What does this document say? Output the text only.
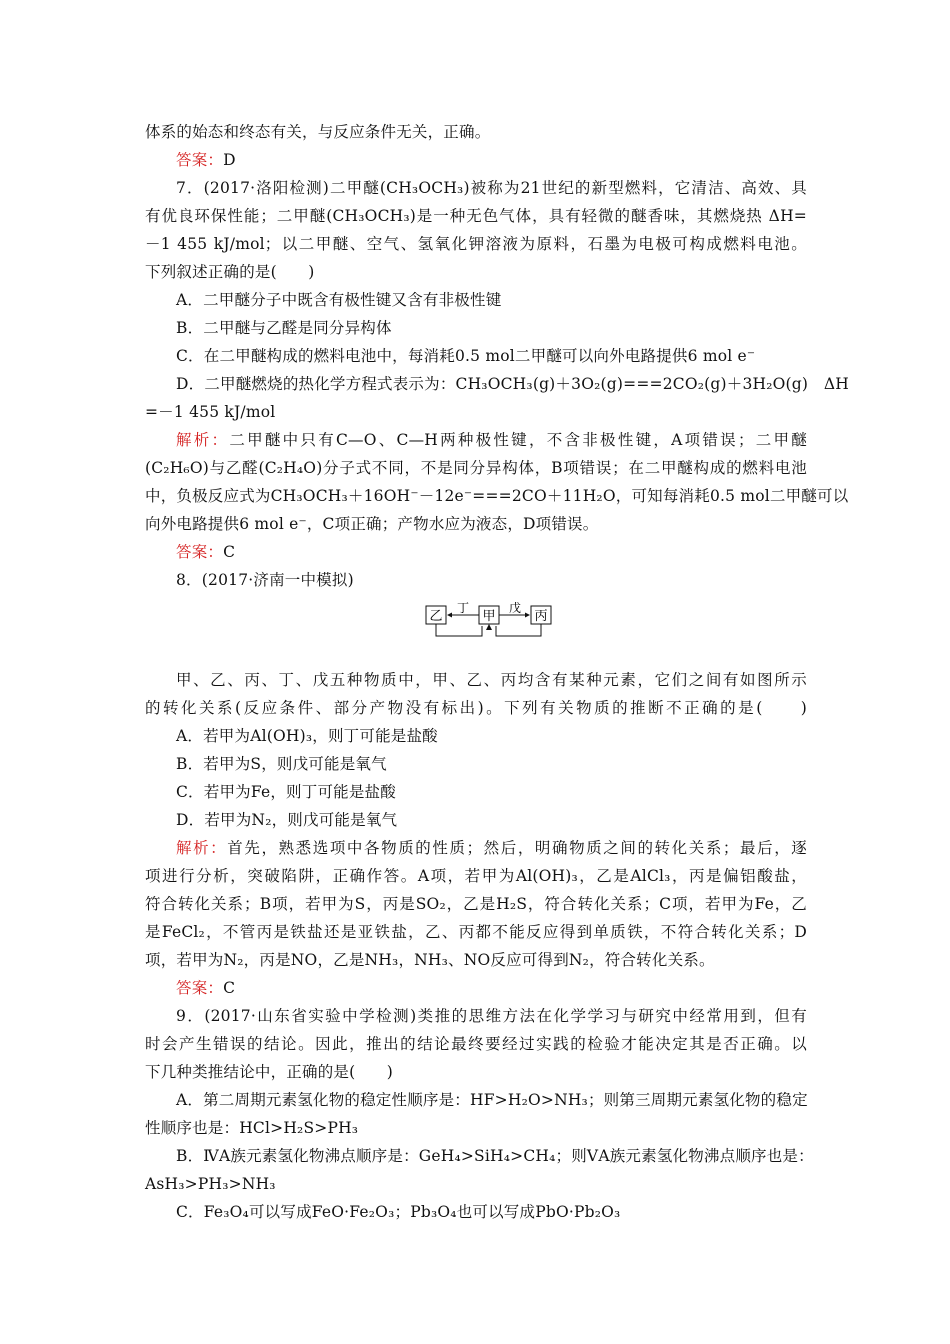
体系的始态和终态有关，与反应条件无关，正确。
答案：D
7．(2017·洛阳检测)二甲醚(CH₃OCH₃)被称为21世纪的新型燃料，它清洁、高效、具
有优良环保性能；二甲醚(CH₃OCH₃)是一种无色气体，具有轻微的醚香味，其燃烧热 ΔH=
－1 455 kJ/mol；以二甲醚、空气、氢氧化钾溶液为原料，石墨为电极可构成燃料电池。
下列叙述正确的是(　　)
A．二甲醚分子中既含有极性键又含有非极性键
B．二甲醚与乙醛是同分异构体
C．在二甲醚构成的燃料电池中，每消耗0.5 mol二甲醚可以向外电路提供6 mol e⁻
D．二甲醚燃烧的热化学方程式表示为：CH₃OCH₃(g)＋3O₂(g)===2CO₂(g)＋3H₂O(g)　ΔH
=－1 455 kJ/mol
解析：二甲醚中只有C—O、C—H两种极性键，不含非极性键，A项错误；二甲醚
(C₂H₆O)与乙醛(C₂H₄O)分子式不同，不是同分异构体，B项错误；在二甲醚构成的燃料电池
中，负极反应式为CH₃OCH₃＋16OH⁻－12e⁻===2CO＋11H₂O，可知每消耗0.5 mol二甲醚可以
向外电路提供6 mol e⁻，C项正确；产物水应为液态，D项错误。
答案：C
8．(2017·济南一中模拟)
乙	甲	丙
丁	戊
甲、乙、丙、丁、戊五种物质中，甲、乙、丙均含有某种元素，它们之间有如图所示
的转化关系(反应条件、部分产物没有标出)。下列有关物质的推断不正确的是(　　)
A．若甲为Al(OH)₃，则丁可能是盐酸
B．若甲为S，则戊可能是氧气
C．若甲为Fe，则丁可能是盐酸
D．若甲为N₂，则戊可能是氧气
解析：首先，熟悉选项中各物质的性质；然后，明确物质之间的转化关系；最后，逐
项进行分析，突破陷阱，正确作答。A项，若甲为Al(OH)₃，乙是AlCl₃，丙是偏铝酸盐，
符合转化关系；B项，若甲为S，丙是SO₂，乙是H₂S，符合转化关系；C项，若甲为Fe，乙
是FeCl₂，不管丙是铁盐还是亚铁盐，乙、丙都不能反应得到单质铁，不符合转化关系；D
项，若甲为N₂，丙是NO，乙是NH₃，NH₃、NO反应可得到N₂，符合转化关系。
答案：C
9．(2017·山东省实验中学检测)类推的思维方法在化学学习与研究中经常用到，但有
时会产生错误的结论。因此，推出的结论最终要经过实践的检验才能决定其是否正确。以
下几种类推结论中，正确的是(　　)
A．第二周期元素氢化物的稳定性顺序是：HF>H₂O>NH₃；则第三周期元素氢化物的稳定
性顺序也是：HCl>H₂S>PH₃
B．ⅣA族元素氢化物沸点顺序是：GeH₄>SiH₄>CH₄；则ⅤA族元素氢化物沸点顺序也是：
AsH₃>PH₃>NH₃
C．Fe₃O₄可以写成FeO·Fe₂O₃；Pb₃O₄也可以写成PbO·Pb₂O₃
